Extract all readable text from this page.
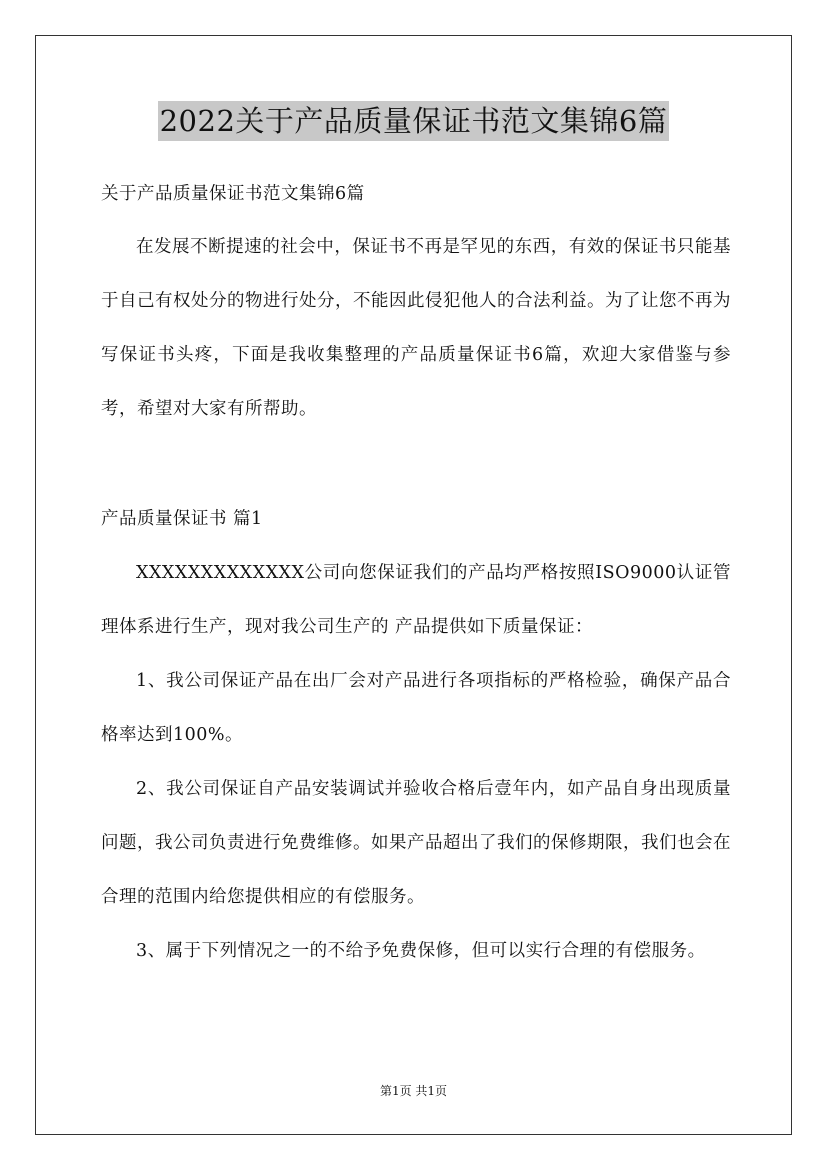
2022关于产品质量保证书范文集锦6篇

关于产品质量保证书范文集锦6篇

在发展不断提速的社会中，保证书不再是罕见的东西，有效的保证书只能基于自己有权处分的物进行处分，不能因此侵犯他人的合法利益。为了让您不再为写保证书头疼，下面是我收集整理的产品质量保证书6篇，欢迎大家借鉴与参考，希望对大家有所帮助。

产品质量保证书 篇1

XXXXXXXXXXXXX公司向您保证我们的产品均严格按照ISO9000认证管理体系进行生产，现对我公司生产的 产品提供如下质量保证：

1、我公司保证产品在出厂会对产品进行各项指标的严格检验，确保产品合格率达到100%。

2、我公司保证自产品安装调试并验收合格后壹年内，如产品自身出现质量问题，我公司负责进行免费维修。如果产品超出了我们的保修期限，我们也会在合理的范围内给您提供相应的有偿服务。

3、属于下列情况之一的不给予免费保修，但可以实行合理的有偿服务。

第1页 共1页
